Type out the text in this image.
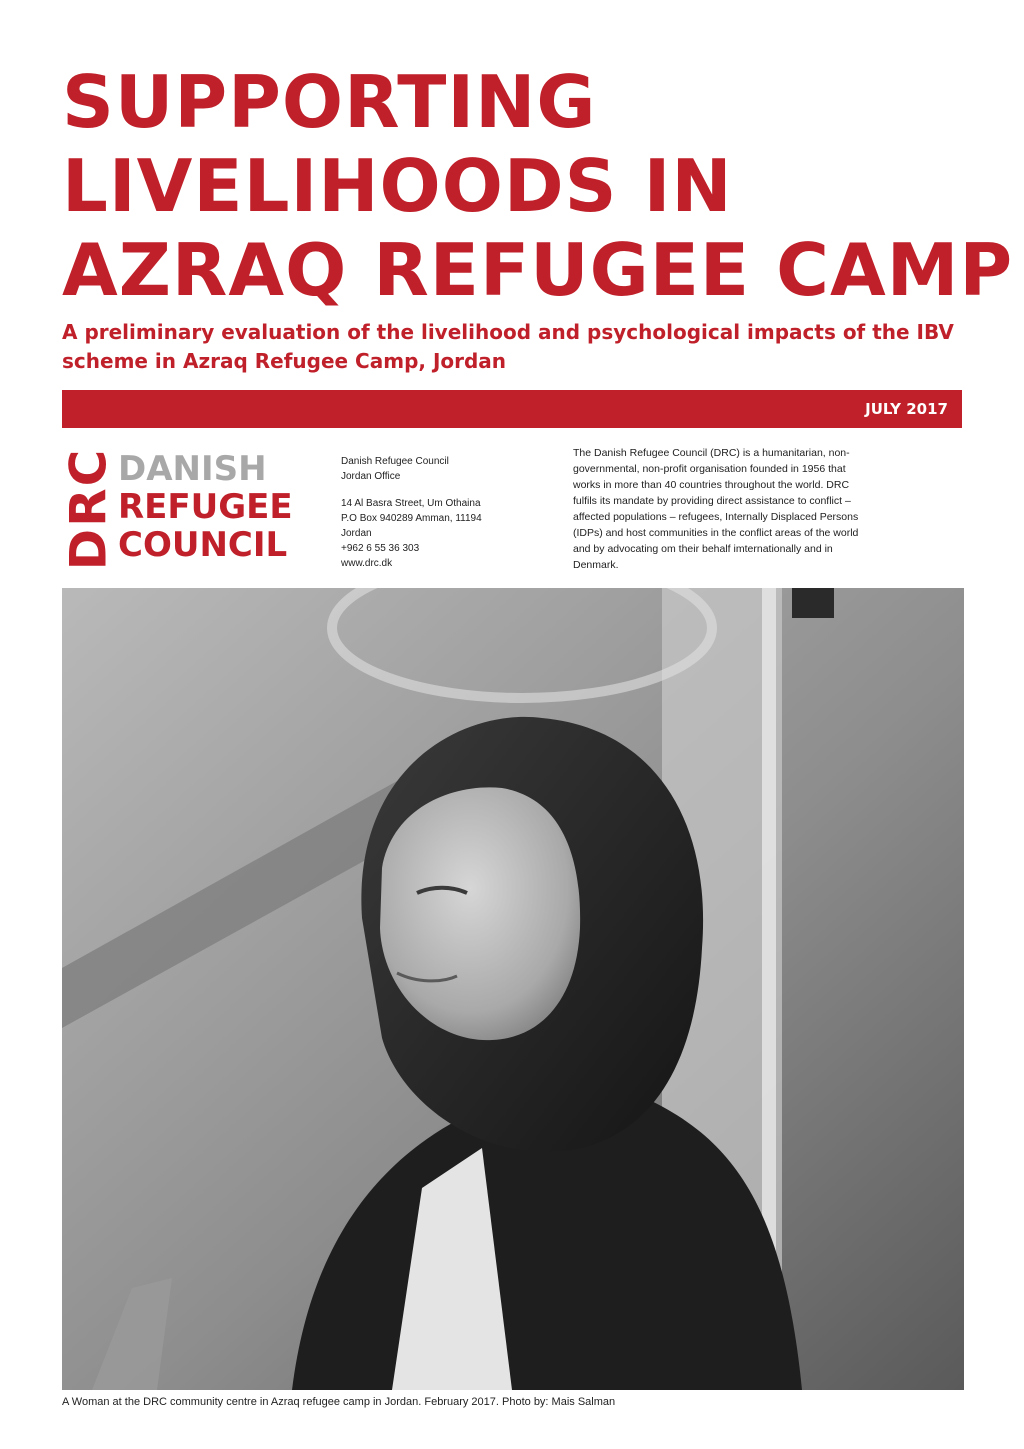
SUPPORTING
LIVELIHOODS IN
AZRAQ REFUGEE CAMP
A preliminary evaluation of the livelihood and psychological impacts of the IBV
scheme in Azraq Refugee Camp, Jordan
JULY 2017
DRC DANISH
REFUGEE
COUNCIL
Danish Refugee Council
Jordan Office
14 Al Basra Street, Um Othaina
P.O Box 940289 Amman, 11194
Jordan
+962 6 55 36 303
www.drc.dk
The Danish Refugee Council (DRC) is a humanitarian, non-
governmental, non-profit organisation founded in 1956 that
works in more than 40 countries throughout the world. DRC
fulfils its mandate by providing direct assistance to conflict –
affected populations – refugees, Internally Displaced Persons
(IDPs) and host communities in the conflict areas of the world
and by advocating om their behalf imternationally and in
Denmark.
A Woman at the DRC community centre in Azraq refugee camp in Jordan. February 2017. Photo by: Mais Salman
